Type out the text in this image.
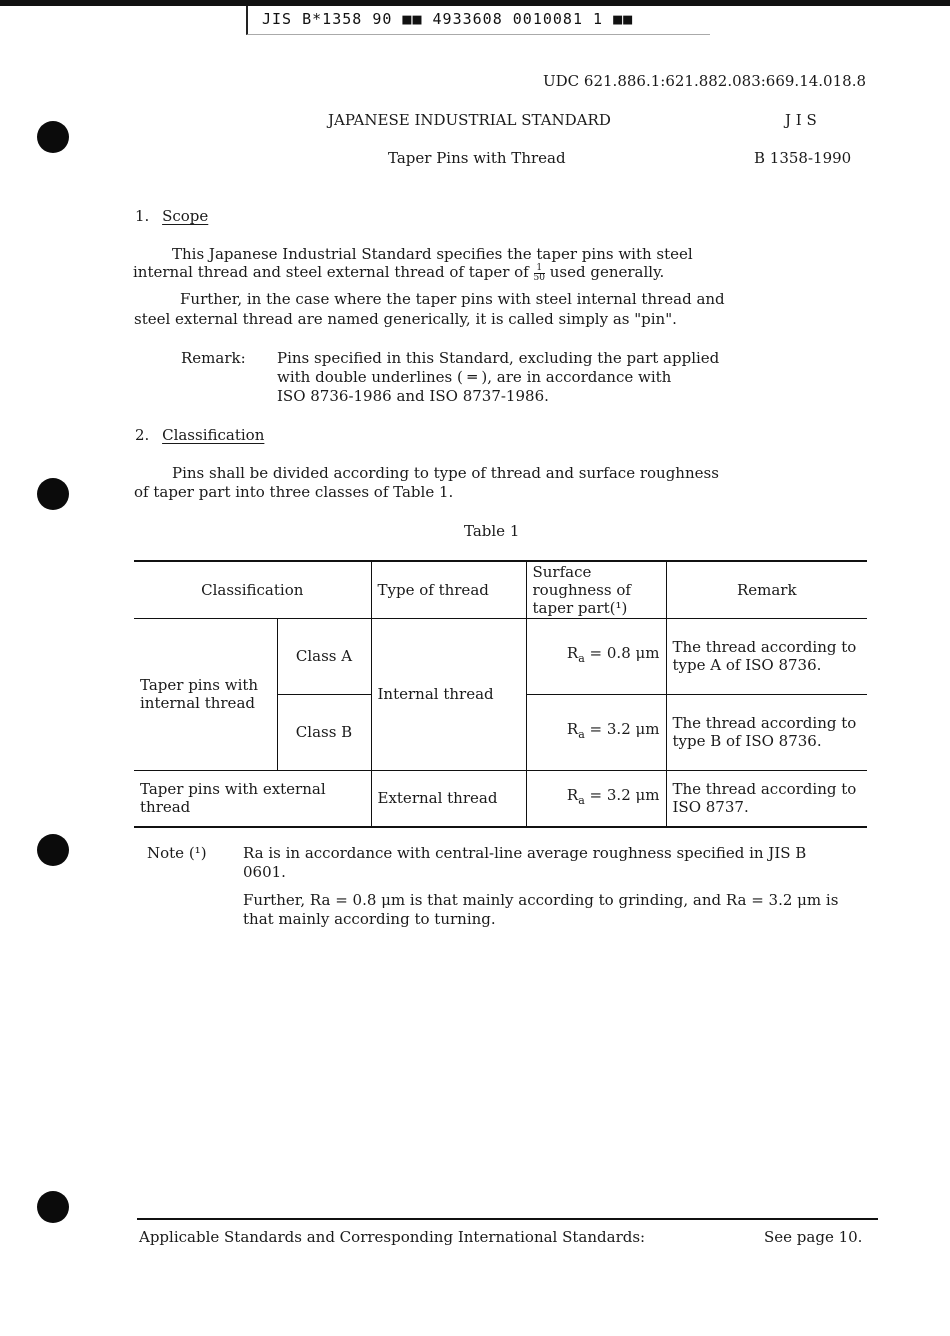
JIS B*1358 90 ■■ 4933608 0010081 1 ■■
UDC 621.886.1:621.882.083:669.14.018.8
JAPANESE INDUSTRIAL STANDARD	J I S
Taper Pins with Thread	B 1358-1990
1. Scope
This Japanese Industrial Standard specifies the taper pins with steel
internal thread and steel external thread of taper of $\frac{1}{50}$ used generally.
Further, in the case where the taper pins with steel internal thread and
steel external thread are named generically, it is called simply as "pin".
Remark: Pins specified in this Standard, excluding the part applied
with double underlines ( ═ ), are in accordance with
ISO 8736-1986 and ISO 8737-1986.
2. Classification
Pins shall be divided according to type of thread and surface roughness
of taper part into three classes of Table 1.
Table 1
Classification		Type of thread	Surface roughness of taper part(¹)	Remark
Taper pins with internal thread	Class A	Internal thread	$R_a = 0.8$ μm	The thread according to type A of ISO 8736.
	Class B		$R_a = 3.2$ μm	The thread according to type B of ISO 8736.
Taper pins with external thread		External thread	$R_a = 3.2$ μm	The thread according to ISO 8737.
Note (¹) Ra is in accordance with central-line average roughness specified in JIS B 0601.
Further, Ra = 0.8 μm is that mainly according to grinding, and Ra = 3.2 μm is that mainly according to turning.
Applicable Standards and Corresponding International Standards:	See page 10.
